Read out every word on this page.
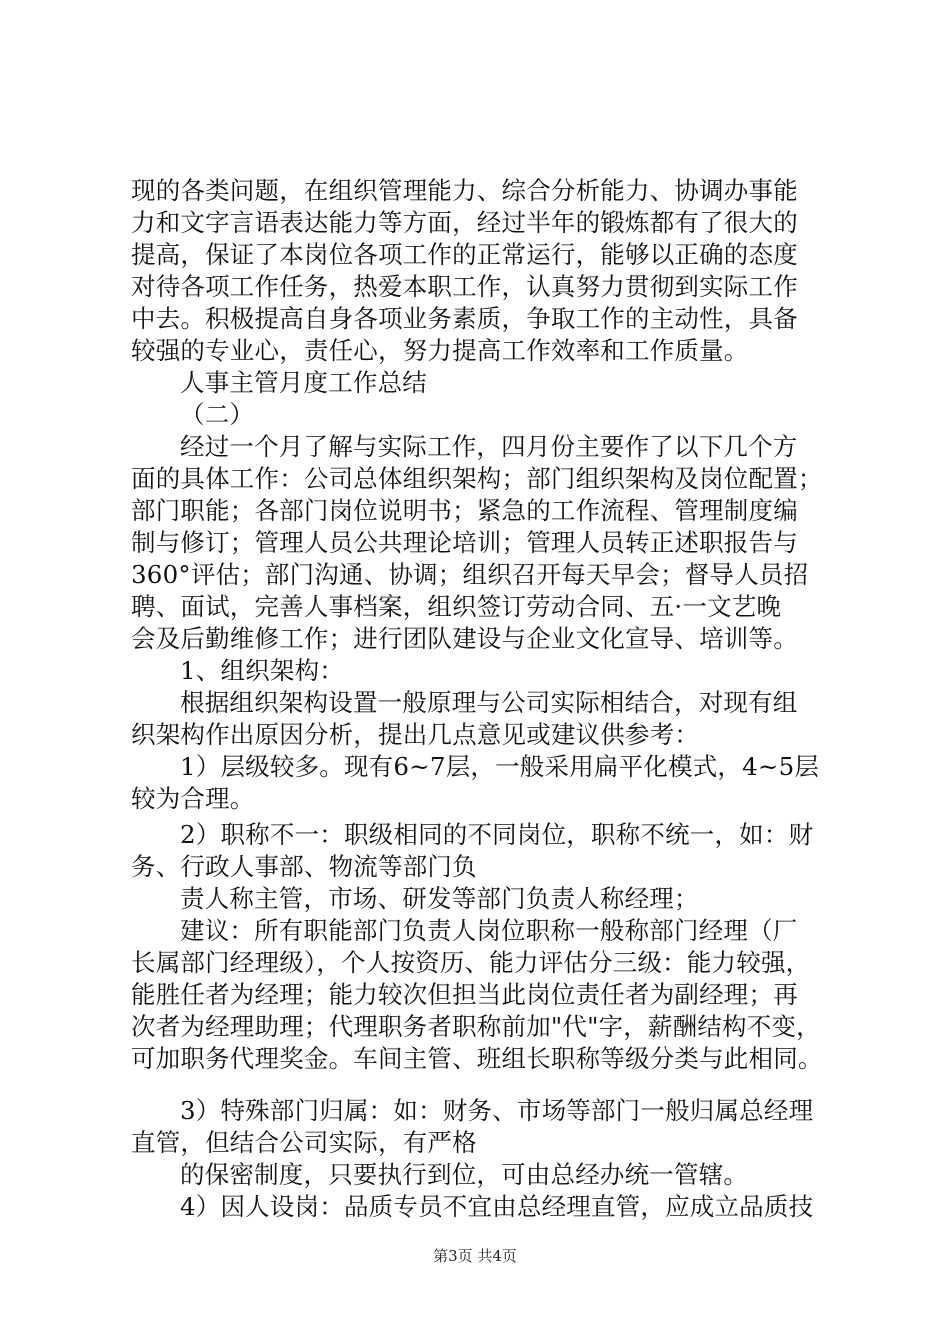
现的各类问题，在组织管理能力、综合分析能力、协调办事能
力和文字言语表达能力等方面，经过半年的锻炼都有了很大的
提高，保证了本岗位各项工作的正常运行，能够以正确的态度
对待各项工作任务，热爱本职工作，认真努力贯彻到实际工作
中去。积极提高自身各项业务素质，争取工作的主动性，具备
较强的专业心，责任心，努力提高工作效率和工作质量。
人事主管月度工作总结
（二）
经过一个月了解与实际工作，四月份主要作了以下几个方
面的具体工作：公司总体组织架构；部门组织架构及岗位配置；
部门职能；各部门岗位说明书；紧急的工作流程、管理制度编
制与修订；管理人员公共理论培训；管理人员转正述职报告与
360°评估；部门沟通、协调；组织召开每天早会；督导人员招
聘、面试，完善人事档案，组织签订劳动合同、五·一文艺晚
会及后勤维修工作；进行团队建设与企业文化宣导、培训等。
1、组织架构：
根据组织架构设置一般原理与公司实际相结合，对现有组
织架构作出原因分析，提出几点意见或建议供参考：
1）层级较多。现有6~7层，一般采用扁平化模式，4~5层
较为合理。
2）职称不一：职级相同的不同岗位，职称不统一，如：财
务、行政人事部、物流等部门负
责人称主管，市场、研发等部门负责人称经理；
建议：所有职能部门负责人岗位职称一般称部门经理（厂
长属部门经理级），个人按资历、能力评估分三级：能力较强，
能胜任者为经理；能力较次但担当此岗位责任者为副经理；再
次者为经理助理；代理职务者职称前加"代"字，薪酬结构不变，
可加职务代理奖金。车间主管、班组长职称等级分类与此相同。
3）特殊部门归属：如：财务、市场等部门一般归属总经理
直管，但结合公司实际，有严格
的保密制度，只要执行到位，可由总经办统一管辖。
4）因人设岗：品质专员不宜由总经理直管，应成立品质技
第3页 共4页
